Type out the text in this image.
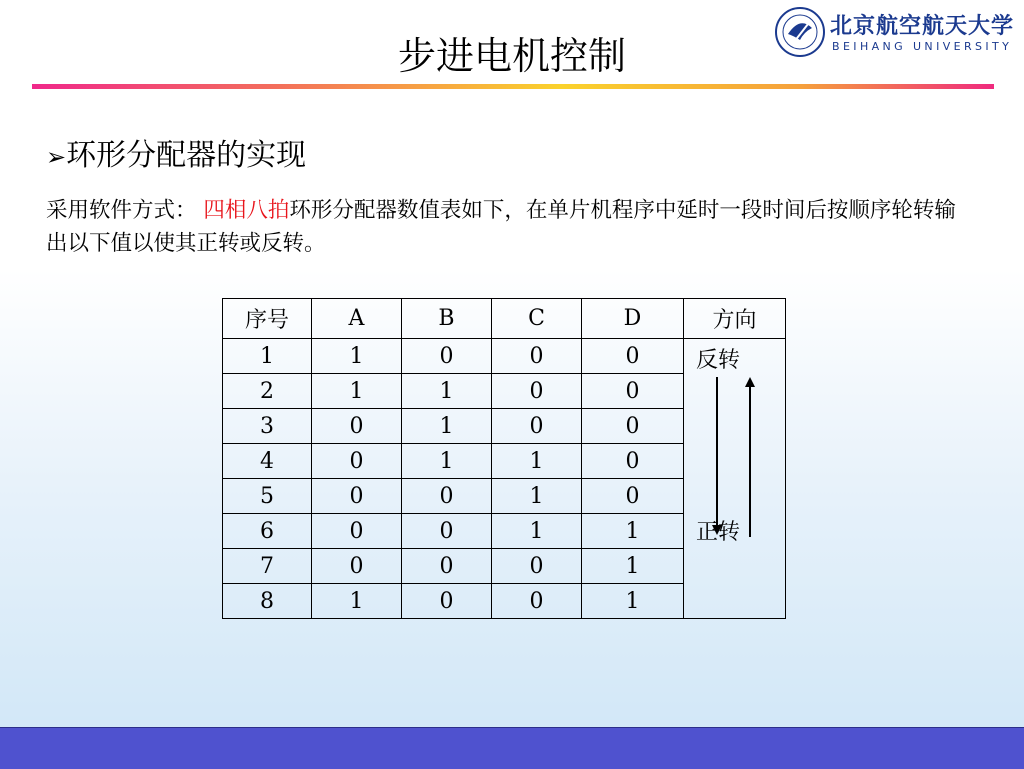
步进电机控制
北京航空航天大学
BEIHANG UNIVERSITY
➢环形分配器的实现
采用软件方式： 四相八拍环形分配器数值表如下，在单片机程序中延时一段时间后按顺序轮转输出以下值以使其正转或反转。
序号	A	B	C	D	方向
1	1	0	0	0	反转
正转

2	1	1	0	0	
3	0	1	0	0	
4	0	1	1	0	
5	0	0	1	0	
6	0	0	1	1	
7	0	0	0	1	
8	1	0	0	1	
